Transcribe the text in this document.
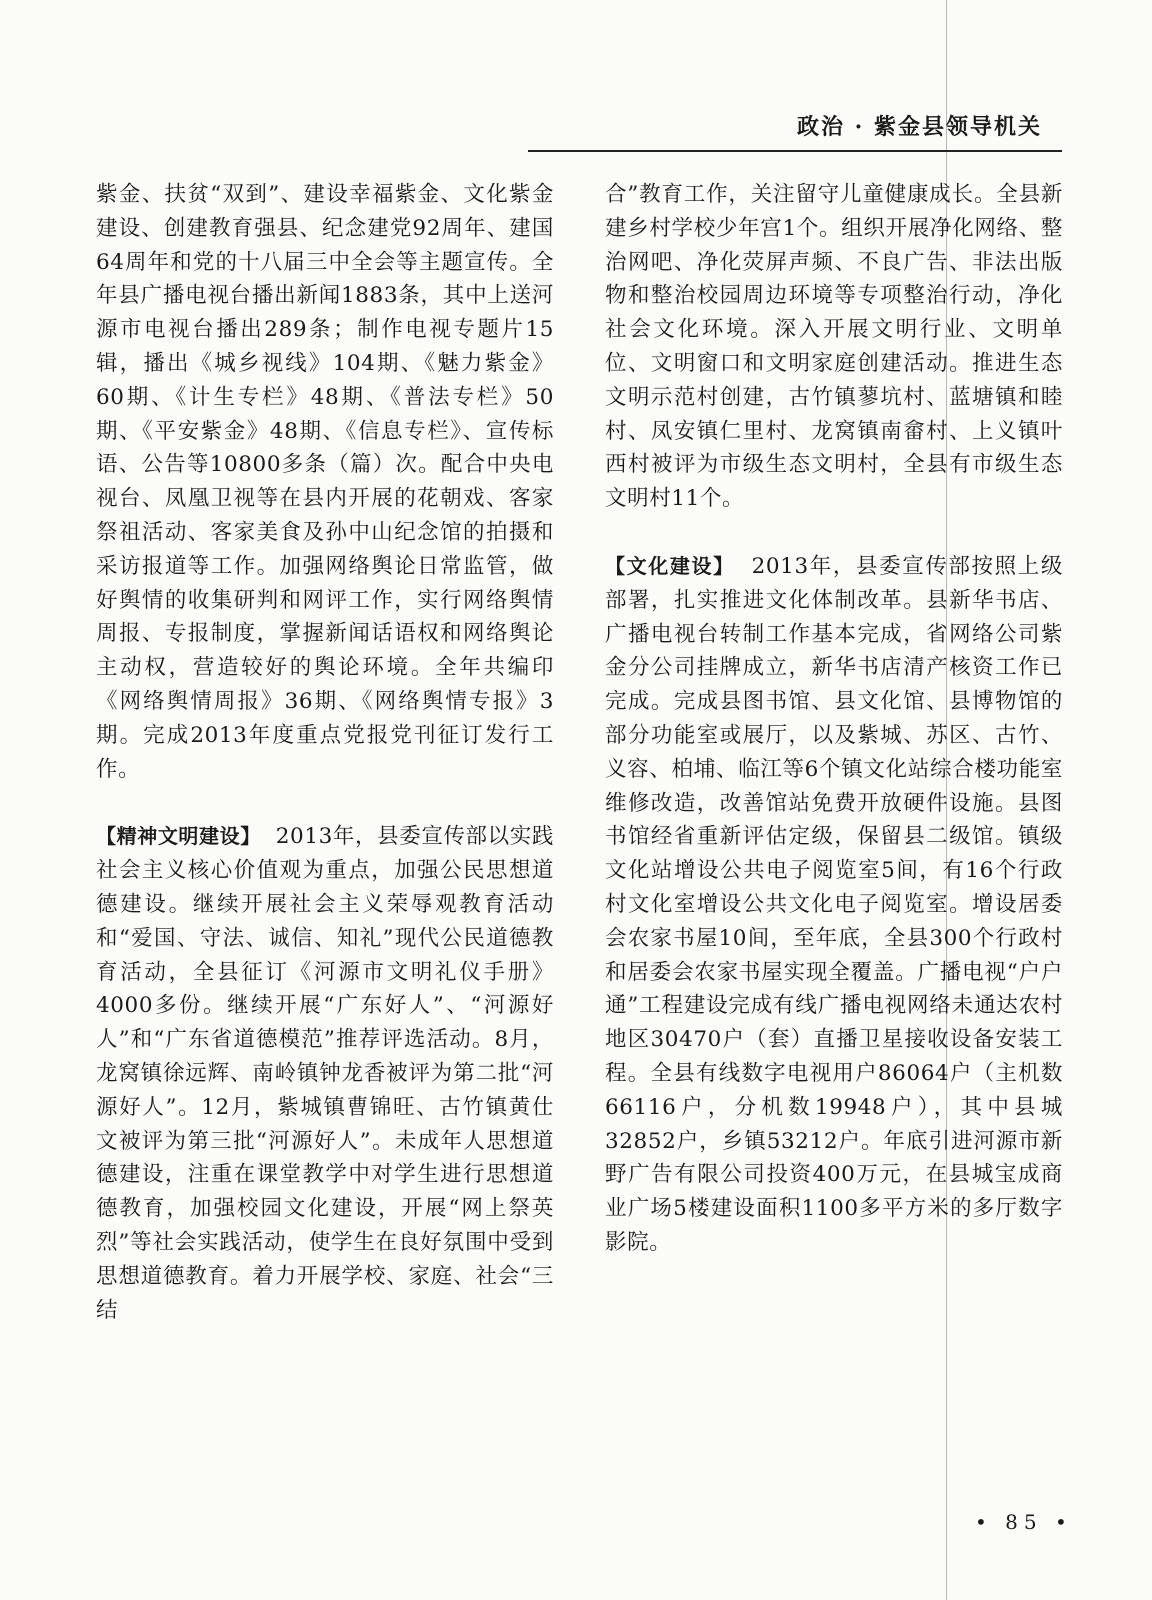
政治 · 紫金县领导机关

紫金、扶贫“双到”、建设幸福紫金、文化紫金建设、创建教育强县、纪念建党92周年、建国64周年和党的十八届三中全会等主题宣传。全年县广播电视台播出新闻1883条，其中上送河源市电视台播出289条；制作电视专题片15辑，播出《城乡视线》104期、《魅力紫金》60期、《计生专栏》48期、《普法专栏》50期、《平安紫金》48期、《信息专栏》、宣传标语、公告等10800多条（篇）次。配合中央电视台、凤凰卫视等在县内开展的花朝戏、客家祭祖活动、客家美食及孙中山纪念馆的拍摄和采访报道等工作。加强网络舆论日常监管，做好舆情的收集研判和网评工作，实行网络舆情周报、专报制度，掌握新闻话语权和网络舆论主动权，营造较好的舆论环境。全年共编印《网络舆情周报》36期、《网络舆情专报》3期。完成2013年度重点党报党刊征订发行工作。

【精神文明建设】 2013年，县委宣传部以实践社会主义核心价值观为重点，加强公民思想道德建设。继续开展社会主义荣辱观教育活动和“爱国、守法、诚信、知礼”现代公民道德教育活动，全县征订《河源市文明礼仪手册》4000多份。继续开展“广东好人”、“河源好人”和“广东省道德模范”推荐评选活动。8月，龙窝镇徐远辉、南岭镇钟龙香被评为第二批“河源好人”。12月，紫城镇曹锦旺、古竹镇黄仕文被评为第三批“河源好人”。未成年人思想道德建设，注重在课堂教学中对学生进行思想道德教育，加强校园文化建设，开展“网上祭英烈”等社会实践活动，使学生在良好氛围中受到思想道德教育。着力开展学校、家庭、社会“三结

合”教育工作，关注留守儿童健康成长。全县新建乡村学校少年宫1个。组织开展净化网络、整治网吧、净化荧屏声频、不良广告、非法出版物和整治校园周边环境等专项整治行动，净化社会文化环境。深入开展文明行业、文明单位、文明窗口和文明家庭创建活动。推进生态文明示范村创建，古竹镇蓼坑村、蓝塘镇和睦村、凤安镇仁里村、龙窝镇南畲村、上义镇叶西村被评为市级生态文明村，全县有市级生态文明村11个。

【文化建设】 2013年，县委宣传部按照上级部署，扎实推进文化体制改革。县新华书店、广播电视台转制工作基本完成，省网络公司紫金分公司挂牌成立，新华书店清产核资工作已完成。完成县图书馆、县文化馆、县博物馆的部分功能室或展厅，以及紫城、苏区、古竹、义容、柏埔、临江等6个镇文化站综合楼功能室维修改造，改善馆站免费开放硬件设施。县图书馆经省重新评估定级，保留县二级馆。镇级文化站增设公共电子阅览室5间，有16个行政村文化室增设公共文化电子阅览室。增设居委会农家书屋10间，至年底，全县300个行政村和居委会农家书屋实现全覆盖。广播电视“户户通”工程建设完成有线广播电视网络未通达农村地区30470户（套）直播卫星接收设备安装工程。全县有线数字电视用户86064户（主机数66116户，分机数19948户），其中县城32852户，乡镇53212户。年底引进河源市新野广告有限公司投资400万元，在县城宝成商业广场5楼建设面积1100多平方米的多厅数字影院。

• 85 •
